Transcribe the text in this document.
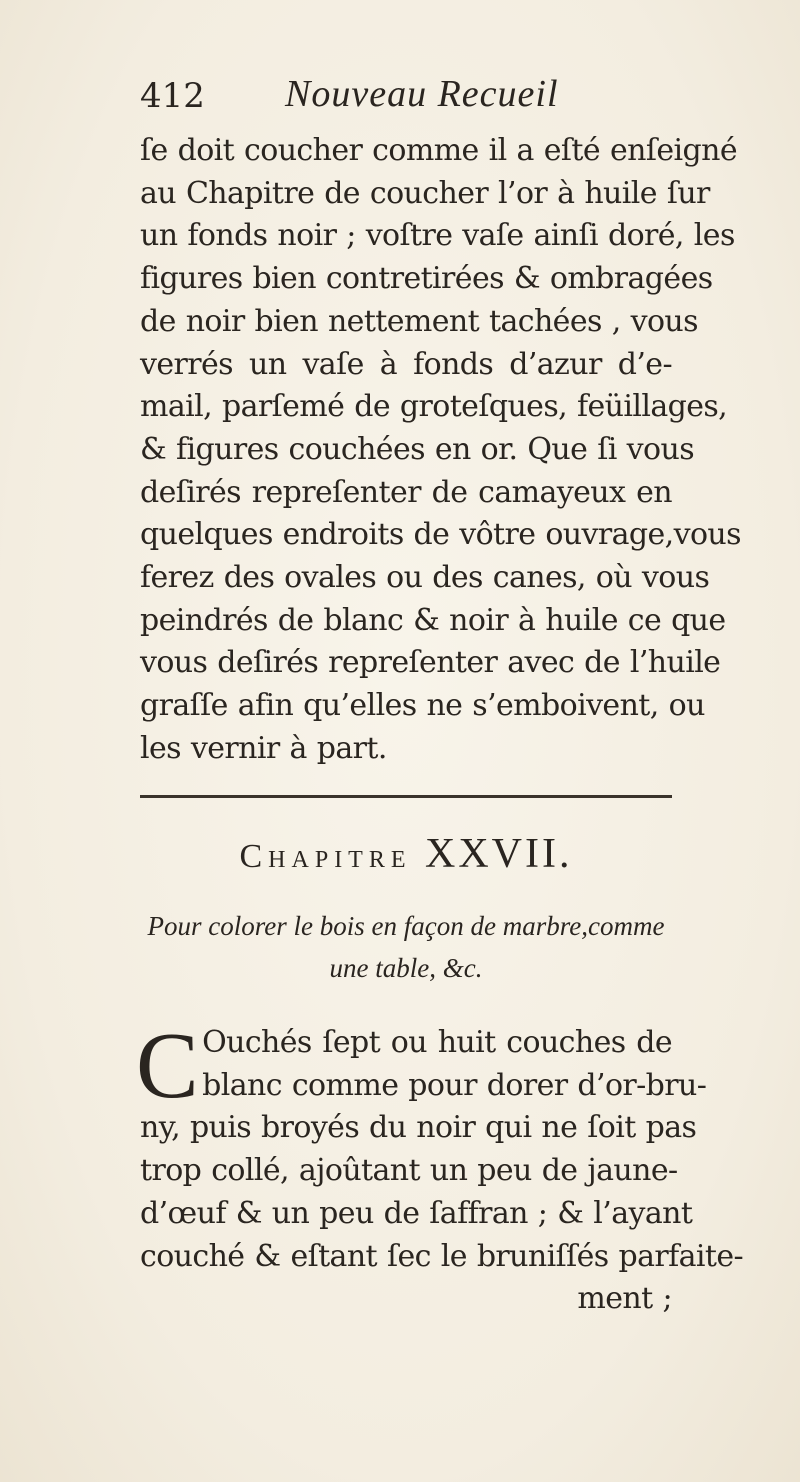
412 Nouveau Recueil
ſe doit coucher comme il a eſté enſeigné
au Chapitre de coucher l’or à huile ſur
un fonds noir ; voſtre vaſe ainſi doré, les
figures bien contretirées & ombragées
de noir bien nettement tachées , vous
verrés un vaſe à fonds d’azur d’e-
mail, parſemé de groteſques, feüillages,
& figures couchées en or. Que ſi vous
deſirés repreſenter de camayeux en
quelques endroits de vôtre ouvrage,vous
ferez des ovales ou des canes, où vous
peindrés de blanc & noir à huile ce que
vous deſirés repreſenter avec de l’huile
graſſe afin qu’elles ne s’emboivent, ou
les vernir à part.
Chapitre XXVII.
Pour colorer le bois en façon de marbre,comme
une table, &c.
C Ouchés ſept ou huit couches de
blanc comme pour dorer d’or-bru-
ny, puis broyés du noir qui ne ſoit pas
trop collé, ajoûtant un peu de jaune-
d’œuf & un peu de ſaffran ; & l’ayant
couché & eſtant ſec le bruniſſés parfaite-
ment ;
